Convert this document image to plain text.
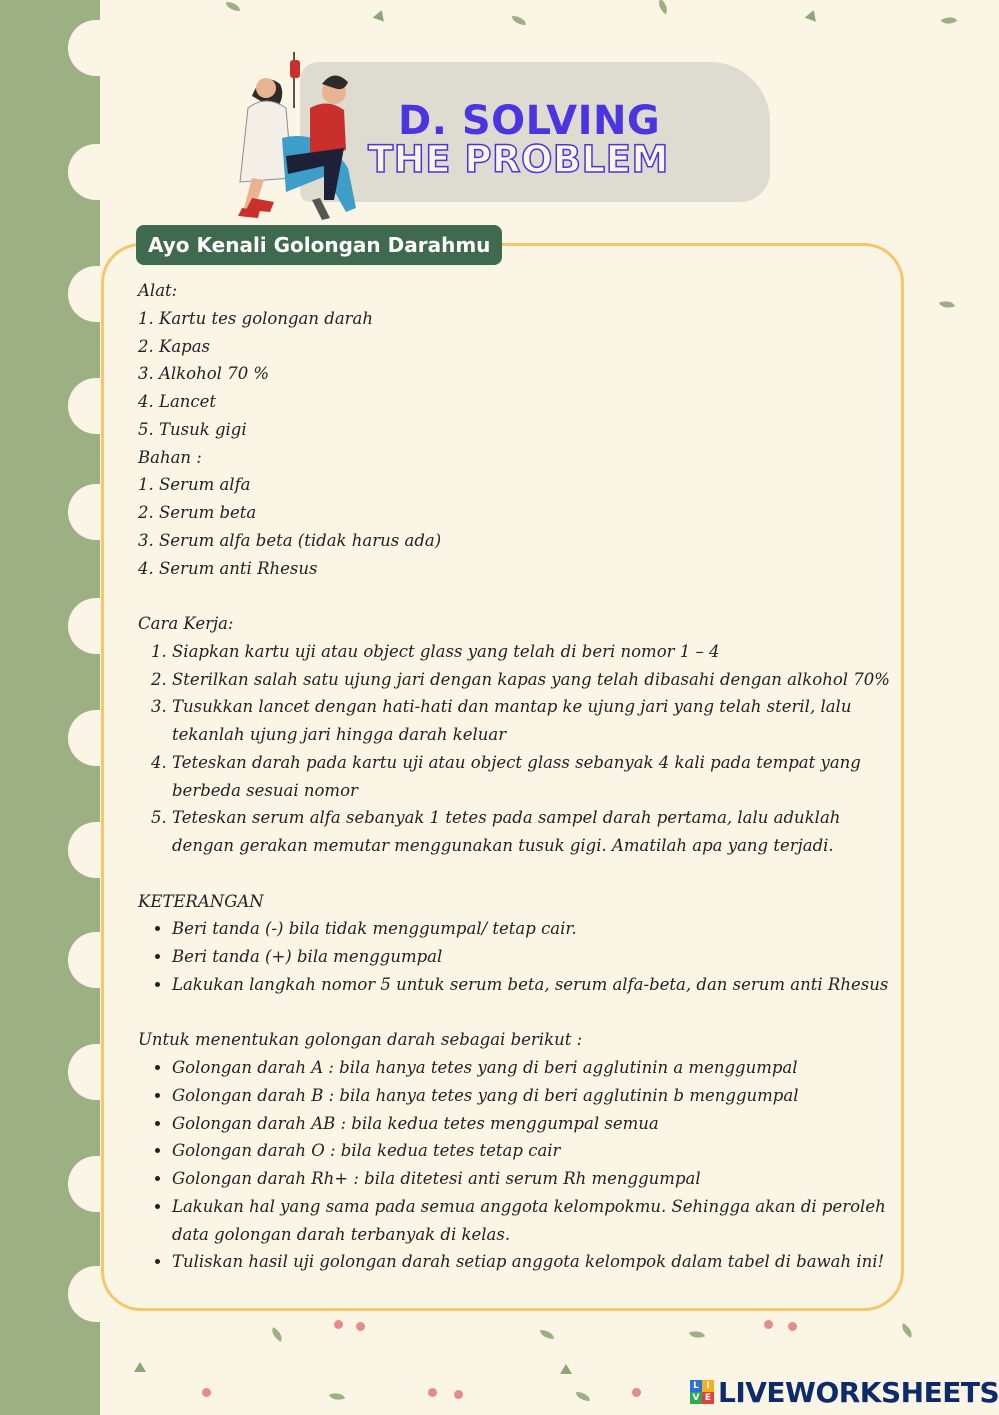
D. SOLVING
THE PROBLEM
Ayo Kenali Golongan Darahmu

Alat:

1. Kartu tes golongan darah

2. Kapas

3. Alkohol 70 %

4. Lancet

5. Tusuk gigi

Bahan :

1. Serum alfa

2. Serum beta

3. Serum alfa beta (tidak harus ada)

4. Serum anti Rhesus

Cara Kerja:

1. Siapkan kartu uji atau object glass yang telah di beri nomor 1 – 4
2. Sterilkan salah satu ujung jari dengan kapas yang telah dibasahi dengan alkohol 70%
3. Tusukkan lancet dengan hati-hati dan mantap ke ujung jari yang telah steril, lalu tekanlah ujung jari hingga darah keluar
4. Teteskan darah pada kartu uji atau object glass sebanyak 4 kali pada tempat yang berbeda sesuai nomor
5. Teteskan serum alfa sebanyak 1 tetes pada sampel darah pertama, lalu aduklah dengan gerakan memutar menggunakan tusuk gigi. Amatilah apa yang terjadi.

KETERANGAN

• Beri tanda (-) bila tidak menggumpal/ tetap cair.
• Beri tanda (+) bila menggumpal
• Lakukan langkah nomor 5 untuk serum beta, serum alfa-beta, dan serum anti Rhesus

Untuk menentukan golongan darah sebagai berikut :

• Golongan darah A : bila hanya tetes yang di beri agglutinin a menggumpal
• Golongan darah B : bila hanya tetes yang di beri agglutinin b menggumpal
• Golongan darah AB : bila kedua tetes menggumpal semua
• Golongan darah O : bila kedua tetes tetap cair
• Golongan darah Rh+ : bila ditetesi anti serum Rh menggumpal
• Lakukan hal yang sama pada semua anggota kelompokmu. Sehingga akan di peroleh data golongan darah terbanyak di kelas.
• Tuliskan hasil uji golongan darah setiap anggota kelompok dalam tabel di bawah ini!
L I
V E LIVEWORKSHEETS
